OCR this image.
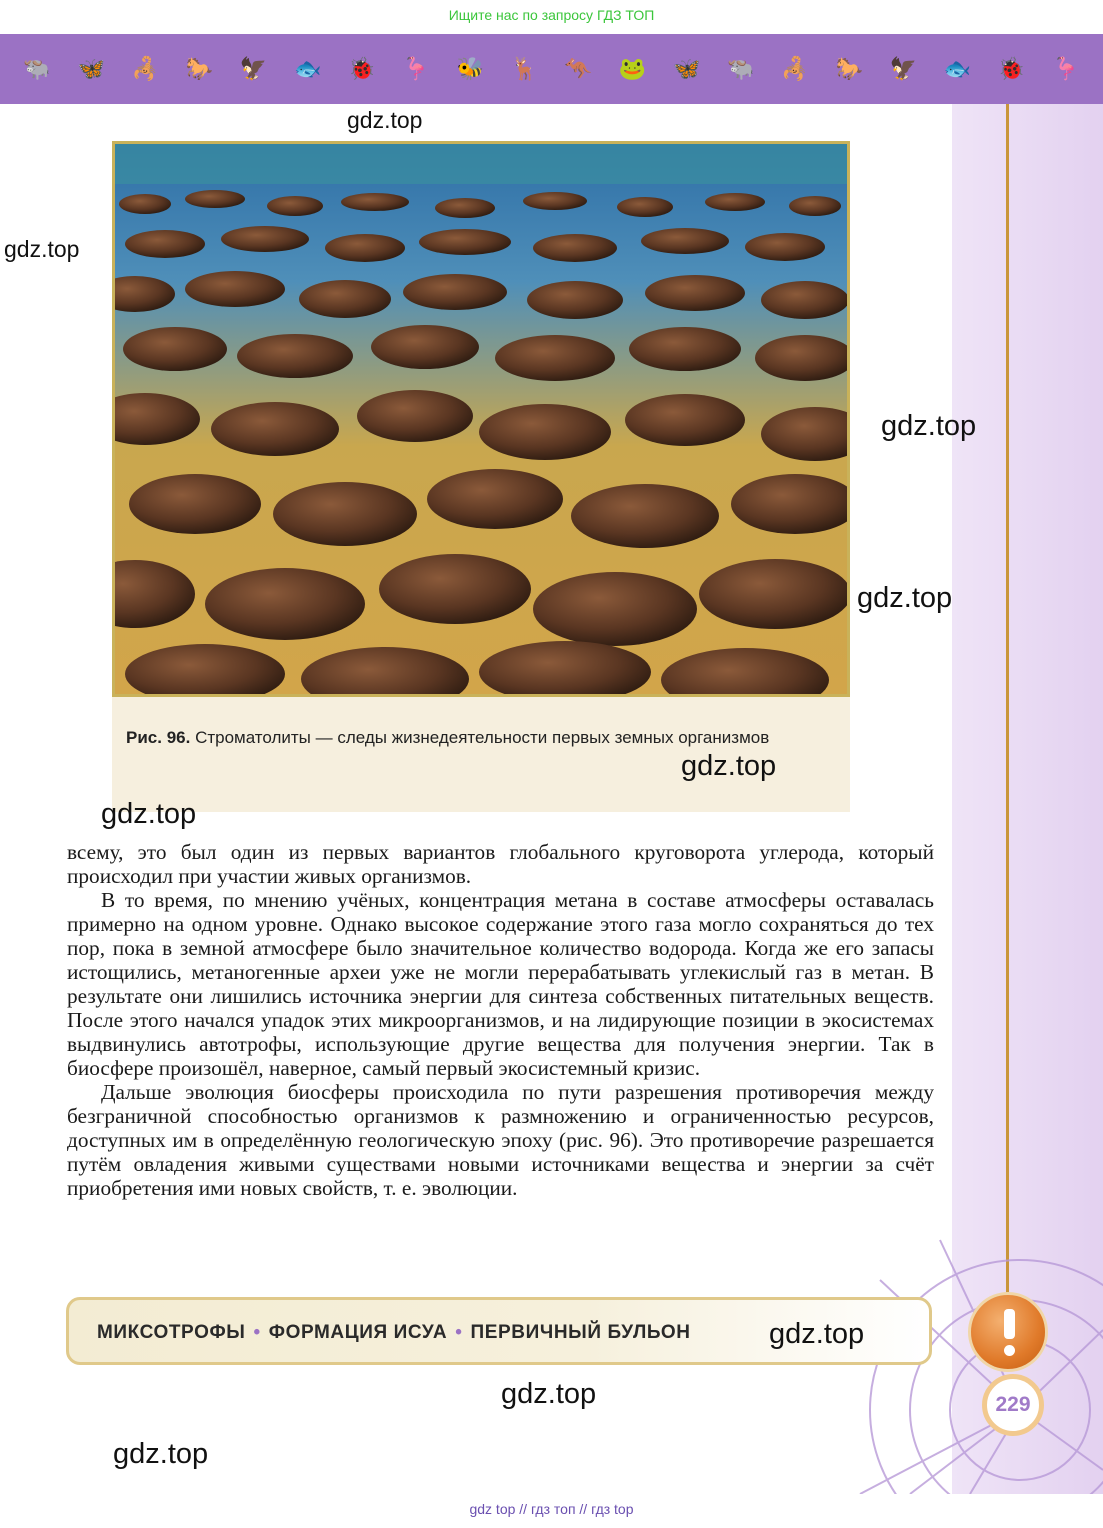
Ищите нас по запросу ГДЗ ТОП
🐃 🦋 🦂 🐎 🦅 🐟 🐞 🦩 🐝 🦌 🦘 🐸 🦋 🐃 🦂 🐎 🦅 🐟 🐞 🦩
Рис. 96. Строматолиты — следы жизнедеятельности первых земных организмов

всему, это был один из первых вариантов глобального круговорота углерода, который происходил при участии живых организмов.

В то время, по мнению учёных, концентрация метана в составе атмосферы оставалась примерно на одном уровне. Однако высокое содержание этого газа могло сохраняться до тех пор, пока в земной атмосфере было значительное количество водорода. Когда же его запасы истощились, метаногенные археи уже не могли перерабатывать углекислый газ в метан. В результате они лишились источника энергии для синтеза собственных питательных веществ. После этого начался упадок этих микроорганизмов, и на лидирующие позиции в экосистемах выдвинулись автотрофы, использующие другие вещества для получения энергии. Так в биосфере произошёл, наверное, самый первый экосистемный кризис.

Дальше эволюция биосферы происходила по пути разрешения противоречия между безграничной способностью организмов к размножению и ограниченностью ресурсов, доступных им в определённую геологическую эпоху (рис. 96). Это противоречие разрешается путём овладения живыми существами новыми источниками вещества и энергии за счёт приобретения ими новых свойств, т. е. эволюции.

МИКСОТРОФЫ • ФОРМАЦИЯ ИСУА • ПЕРВИЧНЫЙ БУЛЬОН
229
gdz.top
gdz.top
gdz.top
gdz.top
gdz.top
gdz.top
gdz.top
gdz.top
gdz.top
gdz top // гдз топ // гдз top
